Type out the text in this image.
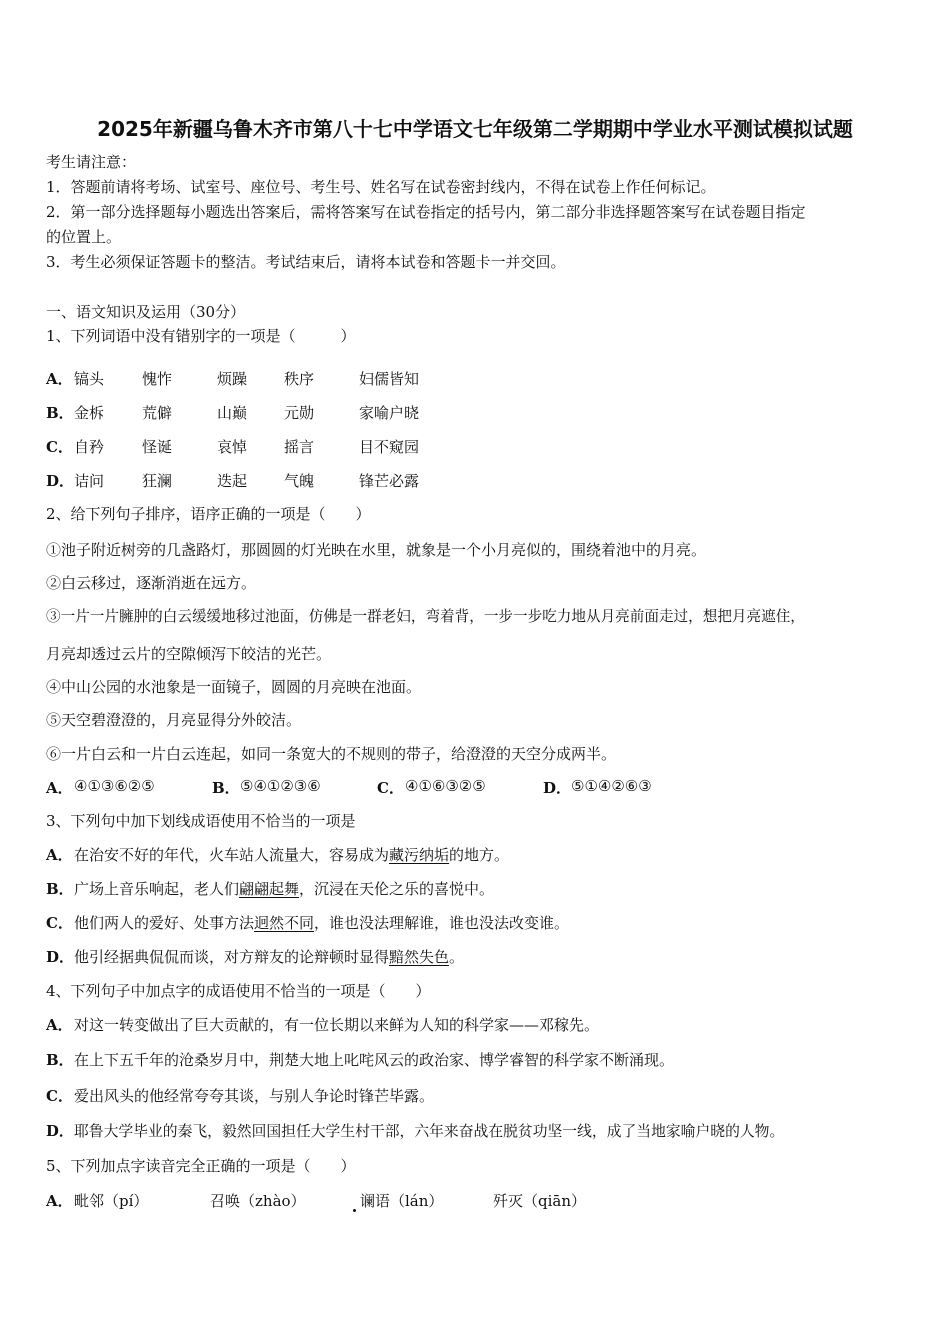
2025年新疆乌鲁木齐市第八十七中学语文七年级第二学期期中学业水平测试模拟试题
考生请注意：
1．答题前请将考场、试室号、座位号、考生号、姓名写在试卷密封线内，不得在试卷上作任何标记。
2．第一部分选择题每小题选出答案后，需将答案写在试卷指定的括号内，第二部分非选择题答案写在试卷题目指定
的位置上。
3．考生必须保证答题卡的整洁。考试结束后，请将本试卷和答题卡一并交回。
一、语文知识及运用（30分）
1、下列词语中没有错别字的一项是（　　　）
A． 镐头	愧怍	烦躁 秩序	妇儒皆知
B． 金柝	荒僻	山巅 元勋	家喻户晓
C． 自矜	怪诞	哀悼 摇言	目不窥园
D． 诘问	狂澜	迭起 气魄	锋芒必露
2、给下列句子排序，语序正确的一项是（　　）
①池子附近树旁的几盏路灯，那圆圆的灯光映在水里，就象是一个小月亮似的，围绕着池中的月亮。
②白云移过，逐渐消逝在远方。
③一片一片臃肿的白云缓缓地移过池面，仿佛是一群老妇，弯着背，一步一步吃力地从月亮前面走过，想把月亮遮住，
月亮却透过云片的空隙倾泻下皎洁的光芒。
④中山公园的水池象是一面镜子，圆圆的月亮映在池面。
⑤天空碧澄澄的，月亮显得分外皎洁。
⑥一片白云和一片白云连起，如同一条宽大的不规则的带子，给澄澄的天空分成两半。
A． ④①③⑥②⑤	B． ⑤④①②③⑥	C． ④①⑥③②⑤	D． ⑤①④②⑥③
3、下列句中加下划线成语使用不恰当的一项是
A．在治安不好的年代，火车站人流量大，容易成为藏污纳垢的地方。
B．广场上音乐响起，老人们翩翩起舞，沉浸在天伦之乐的喜悦中。
C．他们两人的爱好、处事方法迥然不同，谁也没法理解谁，谁也没法改变谁。
D．他引经据典侃侃而谈，对方辩友的论辩顿时显得黯然失色。
4、下列句子中加点字的成语使用不恰当的一项是（　　）
A．对这一转变做出了巨大贡献的，有一位长期以来鲜为人知的科学家——邓稼先。
B．在上下五千年的沧桑岁月中，荆楚大地上叱咤风云的政治家、博学睿智的科学家不断涌现。
C．爱出风头的他经常夸夸其谈，与别人争论时锋芒毕露。
D．耶鲁大学毕业的秦飞，毅然回国担任大学生村干部，六年来奋战在脱贫功坚一线，成了当地家喻户晓的人物。
5、下列加点字读音完全正确的一项是（　　）
A． 毗邻（pí）	召唤（zhào）	谰语（lán）	歼灭（qiān）
